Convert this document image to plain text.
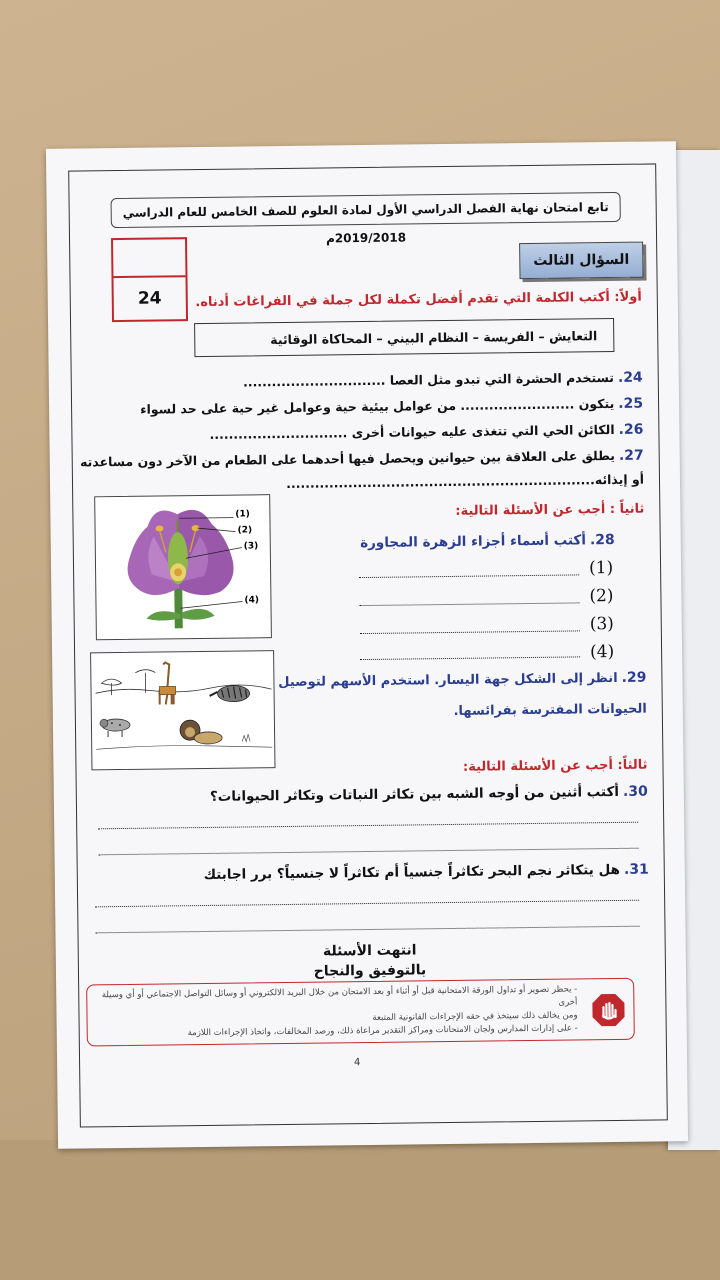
تابع امتحان نهاية الفصل الدراسي الأول لمادة العلوم للصف الخامس للعام الدراسي 2019/2018م
24
السؤال الثالث
أولاً: أكتب الكلمة التي تقدم أفضل تكملة لكل جملة في الفراغات أدناه.
التعايش – الفريسة – النظام البيني – المحاكاة الوقائية
24.تستخدم الحشرة التي تبدو مثل العصا ..............................
25.يتكون ........................ من عوامل بيئية حية وعوامل غير حية على حد لسواء
26.الكائن الحي التي تتغذى عليه حيوانات أخرى .............................
27.يطلق على العلاقة بين حيوانين ويحصل فيها أحدهما على الطعام من الآخر دون مساعدته
أو إيذائه.................................................................
ثانياً : أجب عن الأسئلة التالية:
(1)
(2)
(3)
(4)
28.أكتب أسماء أجزاء الزهرة المجاورة
(1)
(2)
(3)
(4)
29.انظر إلى الشكل جهة اليسار. استخدم الأسهم لتوصيل
الحيوانات المفترسة بفرائسها.
ثالثاً: أجب عن الأسئلة التالية:
30.أكتب أثنين من أوجه الشبه بين تكاثر النباتات وتكاثر الحيوانات؟
31.هل يتكاثر نجم البحر تكاثراً جنسياً أم تكاثراً لا جنسياً؟ برر اجابتك
انتهت الأسئلة
بالتوفيق والنجاح
- يحظر تصوير أو تداول الورقة الامتحانية قبل أو أثناء أو بعد الامتحان من خلال البريد الالكتروني أو وسائل التواصل الاجتماعي أو أي وسيلة أخرى
ومن يخالف ذلك سيتخذ في حقه الإجراءات القانونية المتبعة
- على إدارات المدارس ولجان الامتحانات ومراكز التقدير مراعاة ذلك، ورصد المخالفات، واتخاذ الإجراءات اللازمة
4
